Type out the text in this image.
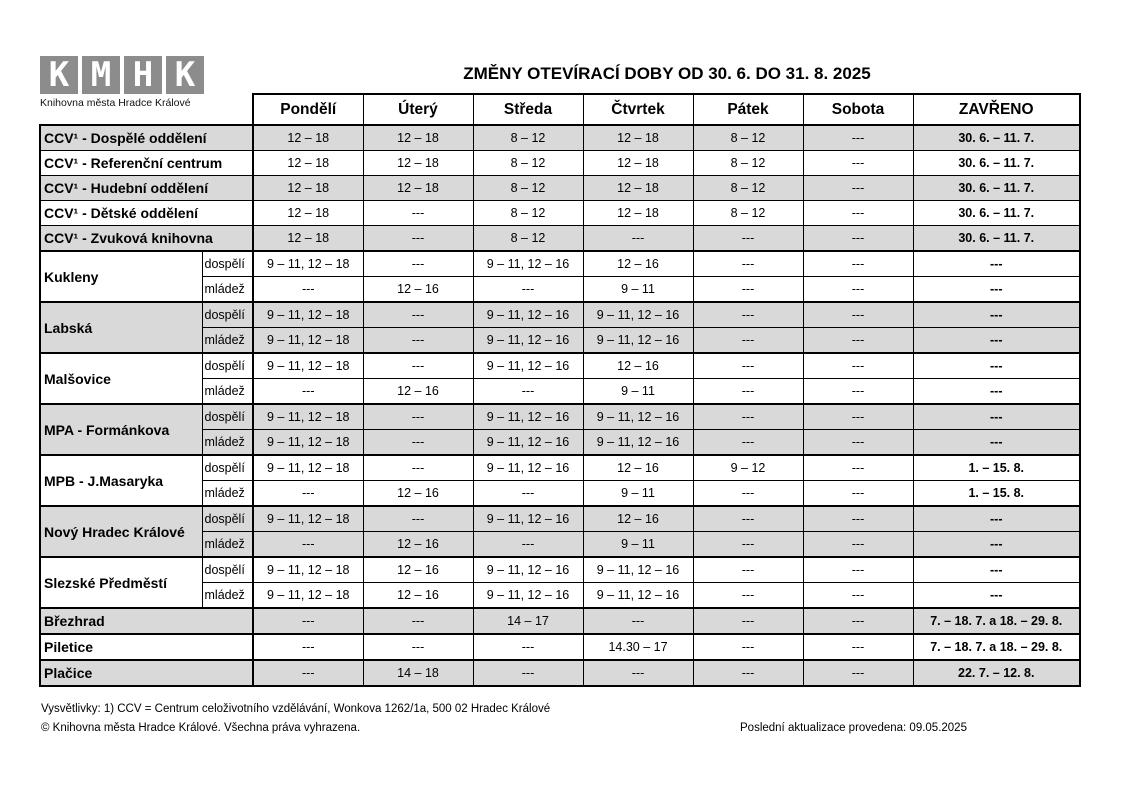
K M H K
Knihovna města Hradce Králové
ZMĚNY OTEVÍRACÍ DOBY OD 30. 6. DO 31. 8. 2025
		Pondělí	Úterý	Středa	Čtvrtek	Pátek	Sobota	ZAVŘENO
CCV¹ - Dospělé oddělení		12 – 18	12 – 18	8 – 12	12 – 18	8 – 12	---	30. 6. – 11. 7.
CCV¹ - Referenční centrum		12 – 18	12 – 18	8 – 12	12 – 18	8 – 12	---	30. 6. – 11. 7.
CCV¹ - Hudební oddělení		12 – 18	12 – 18	8 – 12	12 – 18	8 – 12	---	30. 6. – 11. 7.
CCV¹ - Dětské oddělení		12 – 18	---	8 – 12	12 – 18	8 – 12	---	30. 6. – 11. 7.
CCV¹ - Zvuková knihovna		12 – 18	---	8 – 12	---	---	---	30. 6. – 11. 7.
Kukleny	dospělí	9 – 11, 12 – 18	---	9 – 11, 12 – 16	12 – 16	---	---	---
	mládež	---	12 – 16	---	9 – 11	---	---	---
Labská	dospělí	9 – 11, 12 – 18	---	9 – 11, 12 – 16	9 – 11, 12 – 16	---	---	---
	mládež	9 – 11, 12 – 18	---	9 – 11, 12 – 16	9 – 11, 12 – 16	---	---	---
Malšovice	dospělí	9 – 11, 12 – 18	---	9 – 11, 12 – 16	12 – 16	---	---	---
	mládež	---	12 – 16	---	9 – 11	---	---	---
MPA - Formánkova	dospělí	9 – 11, 12 – 18	---	9 – 11, 12 – 16	9 – 11, 12 – 16	---	---	---
	mládež	9 – 11, 12 – 18	---	9 – 11, 12 – 16	9 – 11, 12 – 16	---	---	---
MPB - J.Masaryka	dospělí	9 – 11, 12 – 18	---	9 – 11, 12 – 16	12 – 16	9 – 12	---	1. – 15. 8.
	mládež	---	12 – 16	---	9 – 11	---	---	1. – 15. 8.
Nový Hradec Králové	dospělí	9 – 11, 12 – 18	---	9 – 11, 12 – 16	12 – 16	---	---	---
	mládež	---	12 – 16	---	9 – 11	---	---	---
Slezské Předměstí	dospělí	9 – 11, 12 – 18	12 – 16	9 – 11, 12 – 16	9 – 11, 12 – 16	---	---	---
	mládež	9 – 11, 12 – 18	12 – 16	9 – 11, 12 – 16	9 – 11, 12 – 16	---	---	---
Březhrad		---	---	14 – 17	---	---	---	7. – 18. 7. a 18. – 29. 8.
Piletice		---	---	---	14.30 – 17	---	---	7. – 18. 7. a 18. – 29. 8.
Plačice		---	14 – 18	---	---	---	---	22. 7. – 12. 8.
Vysvětlivky: 1) CCV = Centrum celoživotního vzdělávání, Wonkova 1262/1a, 500 02 Hradec Králové
© Knihovna města Hradce Králové. Všechna práva vyhrazena.	Poslední aktualizace provedena: 09.05.2025
